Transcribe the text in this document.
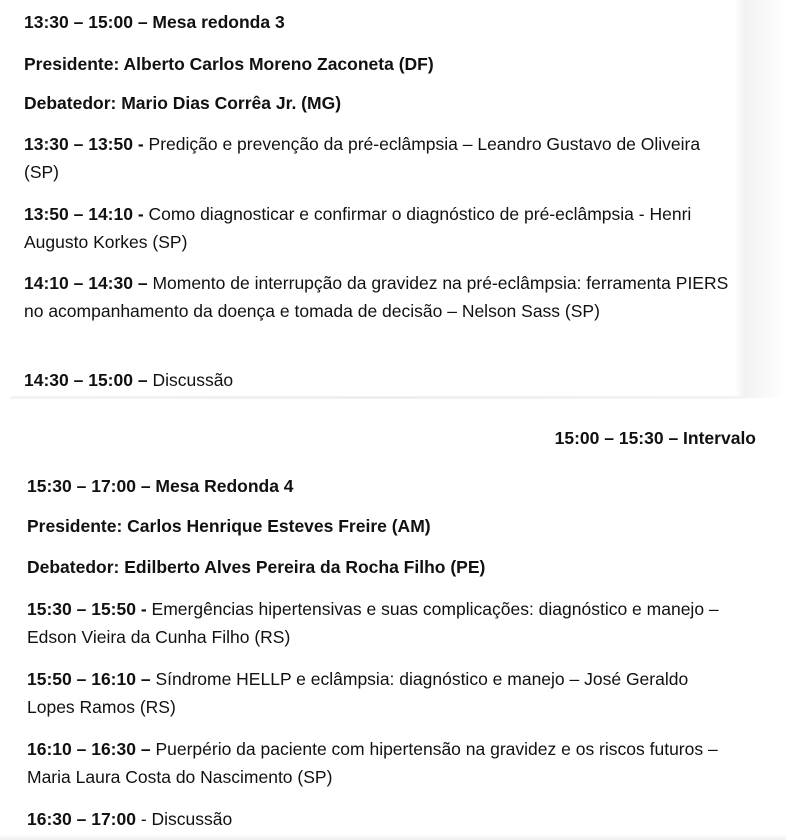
13:30 – 15:00 – Mesa redonda 3
Presidente: Alberto Carlos Moreno Zaconeta (DF)
Debatedor: Mario Dias Corrêa Jr. (MG)
13:30 – 13:50 - Predição e prevenção da pré-eclâmpsia – Leandro Gustavo de Oliveira (SP)
13:50 – 14:10 - Como diagnosticar e confirmar o diagnóstico de pré-eclâmpsia - Henri Augusto Korkes (SP)
14:10 – 14:30 – Momento de interrupção da gravidez na pré-eclâmpsia: ferramenta PIERS no acompanhamento da doença e tomada de decisão – Nelson Sass (SP)
14:30 – 15:00 – Discussão
15:00 – 15:30 – Intervalo
15:30 – 17:00 – Mesa Redonda 4
Presidente: Carlos Henrique Esteves Freire (AM)
Debatedor: Edilberto Alves Pereira da Rocha Filho (PE)
15:30 – 15:50 - Emergências hipertensivas e suas complicações: diagnóstico e manejo – Edson Vieira da Cunha Filho (RS)
15:50 – 16:10 – Síndrome HELLP e eclâmpsia: diagnóstico e manejo – José Geraldo Lopes Ramos (RS)
16:10 – 16:30 – Puerpério da paciente com hipertensão na gravidez e os riscos futuros – Maria Laura Costa do Nascimento (SP)
16:30 – 17:00 - Discussão
